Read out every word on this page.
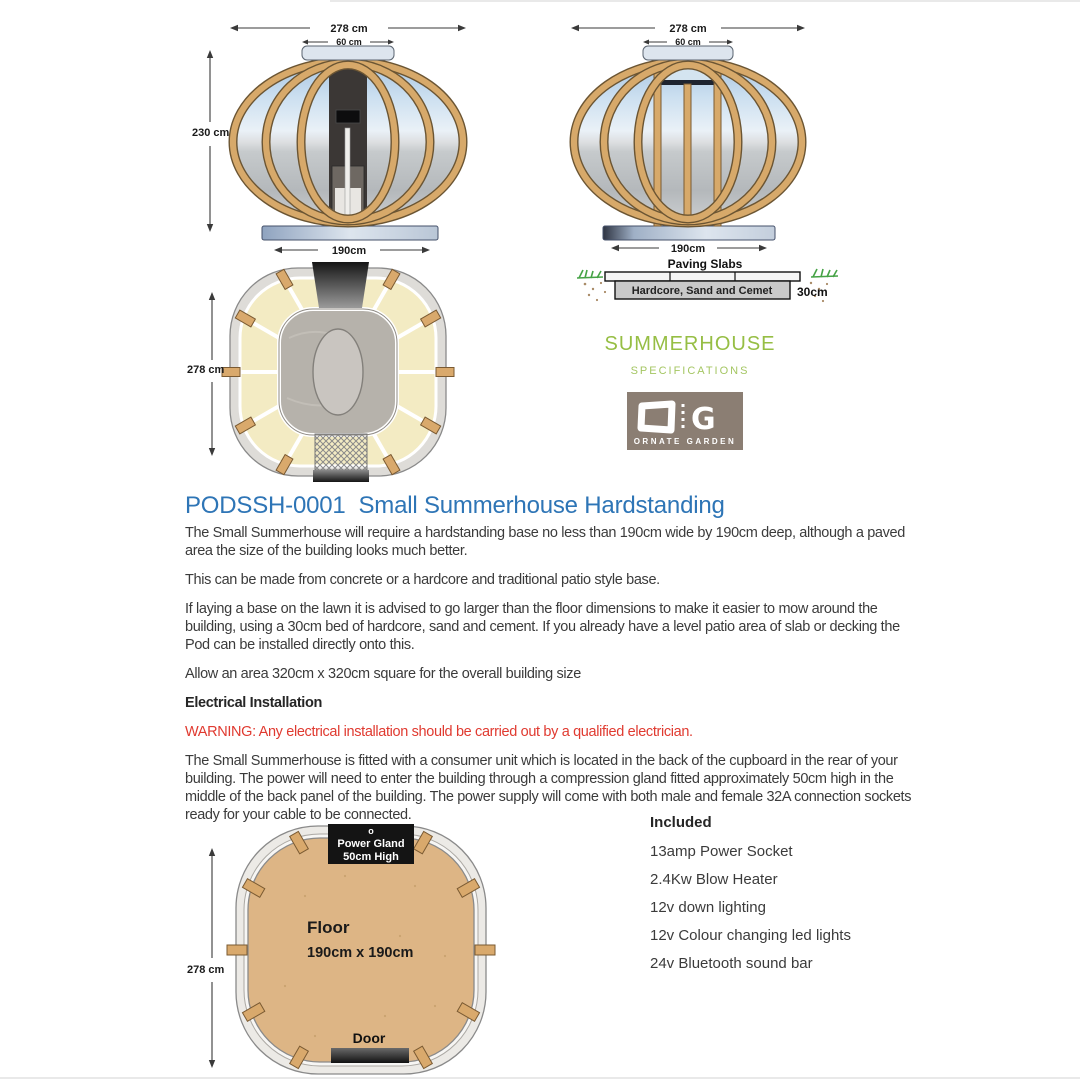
278 cm
60 cm
230 cm
190cm
278 cm
60 cm
190cm
Paving Slabs
Hardcore, Sand and Cemet 30cm
278 cm
SUMMERHOUSE
SPECIFICATIONS
G
ORNATE GARDEN
PODSSH-0001  Small Summerhouse Hardstanding

The Small Summerhouse will require a hardstanding base no less than 190cm wide by 190cm deep, although a paved area the size of the building looks much better.

This can be made from concrete or a hardcore and traditional patio style base.

If laying a base on the lawn it is advised to go larger than the floor dimensions to make it easier to mow around the building, using a 30cm bed of hardcore, sand and cement. If you already have a level patio area of slab or decking the Pod can be installed directly onto this.

Allow an area 320cm x 320cm square for the overall building size

Electrical Installation

WARNING: Any electrical installation should be carried out by a qualified electrician.

The Small Summerhouse is fitted with a consumer unit which is located in the back of the cupboard in the rear of your building. The power will need to enter the building through a compression gland fitted approximately 50cm high in the middle of the back panel of the building. The power supply will come with both male and female 32A connection sockets ready for your cable to be connected.

o
Power Gland
50cm High
Floor
190cm x 190cm
Door
278 cm

Included

13amp Power Socket
2.4Kw Blow Heater
12v down lighting
12v Colour changing led lights
24v Bluetooth sound bar
